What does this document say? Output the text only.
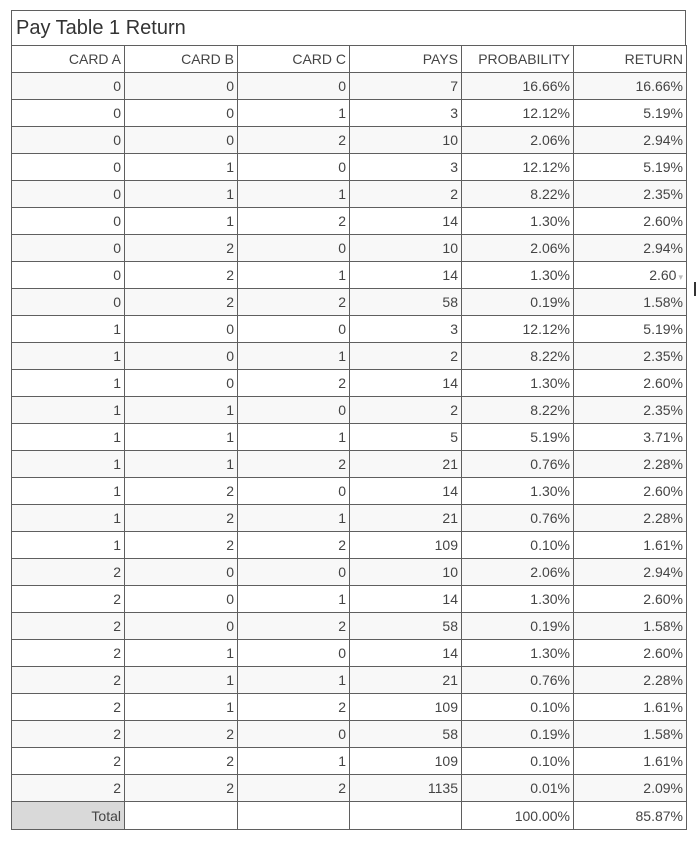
Pay Table 1 Return
CARD A	CARD B	CARD C	PAYS	PROBABILITY	RETURN
0	0	0	7	16.66%	16.66%
0	0	1	3	12.12%	5.19%
0	0	2	10	2.06%	2.94%
0	1	0	3	12.12%	5.19%
0	1	1	2	8.22%	2.35%
0	1	2	14	1.30%	2.60%
0	2	0	10	2.06%	2.94%
0	2	1	14	1.30%	2.60 ▾
0	2	2	58	0.19%	1.58%
1	0	0	3	12.12%	5.19%
1	0	1	2	8.22%	2.35%
1	0	2	14	1.30%	2.60%
1	1	0	2	8.22%	2.35%
1	1	1	5	5.19%	3.71%
1	1	2	21	0.76%	2.28%
1	2	0	14	1.30%	2.60%
1	2	1	21	0.76%	2.28%
1	2	2	109	0.10%	1.61%
2	0	0	10	2.06%	2.94%
2	0	1	14	1.30%	2.60%
2	0	2	58	0.19%	1.58%
2	1	0	14	1.30%	2.60%
2	1	1	21	0.76%	2.28%
2	1	2	109	0.10%	1.61%
2	2	0	58	0.19%	1.58%
2	2	1	109	0.10%	1.61%
2	2	2	1135	0.01%	2.09%
Total				100.00%	85.87%
